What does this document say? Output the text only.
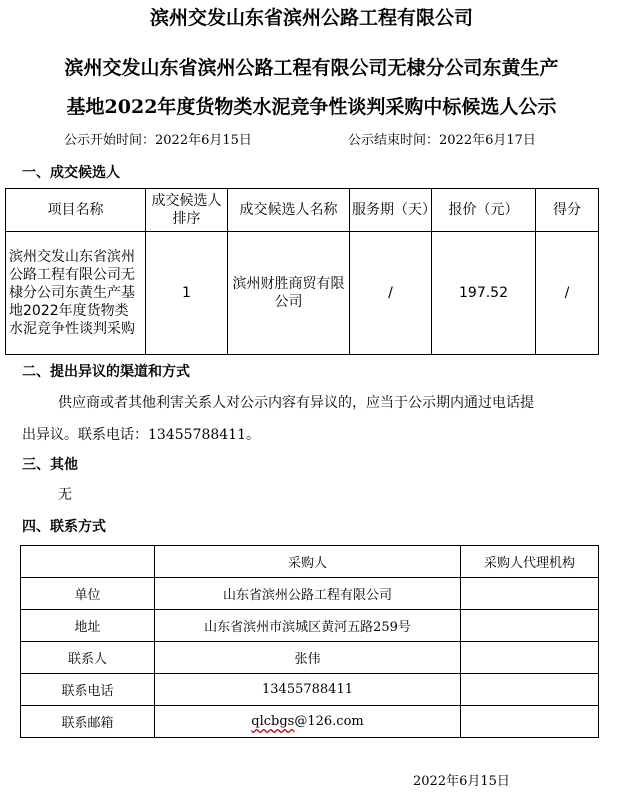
滨州交发山东省滨州公路工程有限公司
滨州交发山东省滨州公路工程有限公司无棣分公司东黄生产
基地2022年度货物类水泥竞争性谈判采购中标候选人公示
公示开始时间：2022年6月15日	公示结束时间：2022年6月17日
一、成交候选人
项目名称	成交候选人排序	成交候选人名称	服务期（天）	报价（元）	得分
滨州交发山东省滨州公路工程有限公司无棣分公司东黄生产基地2022年度货物类水泥竞争性谈判采购	1	滨州财胜商贸有限公司	/	197.52	/
二、提出异议的渠道和方式
供应商或者其他利害关系人对公示内容有异议的，应当于公示期内通过电话提
出异议。联系电话：13455788411。
三、其他
无
四、联系方式
	采购人	采购人代理机构
单位	山东省滨州公路工程有限公司	
地址	山东省滨州市滨城区黄河五路259号	
联系人	张伟	
联系电话	13455788411	
联系邮箱	qlcbgs@126.com	
2022年6月15日
